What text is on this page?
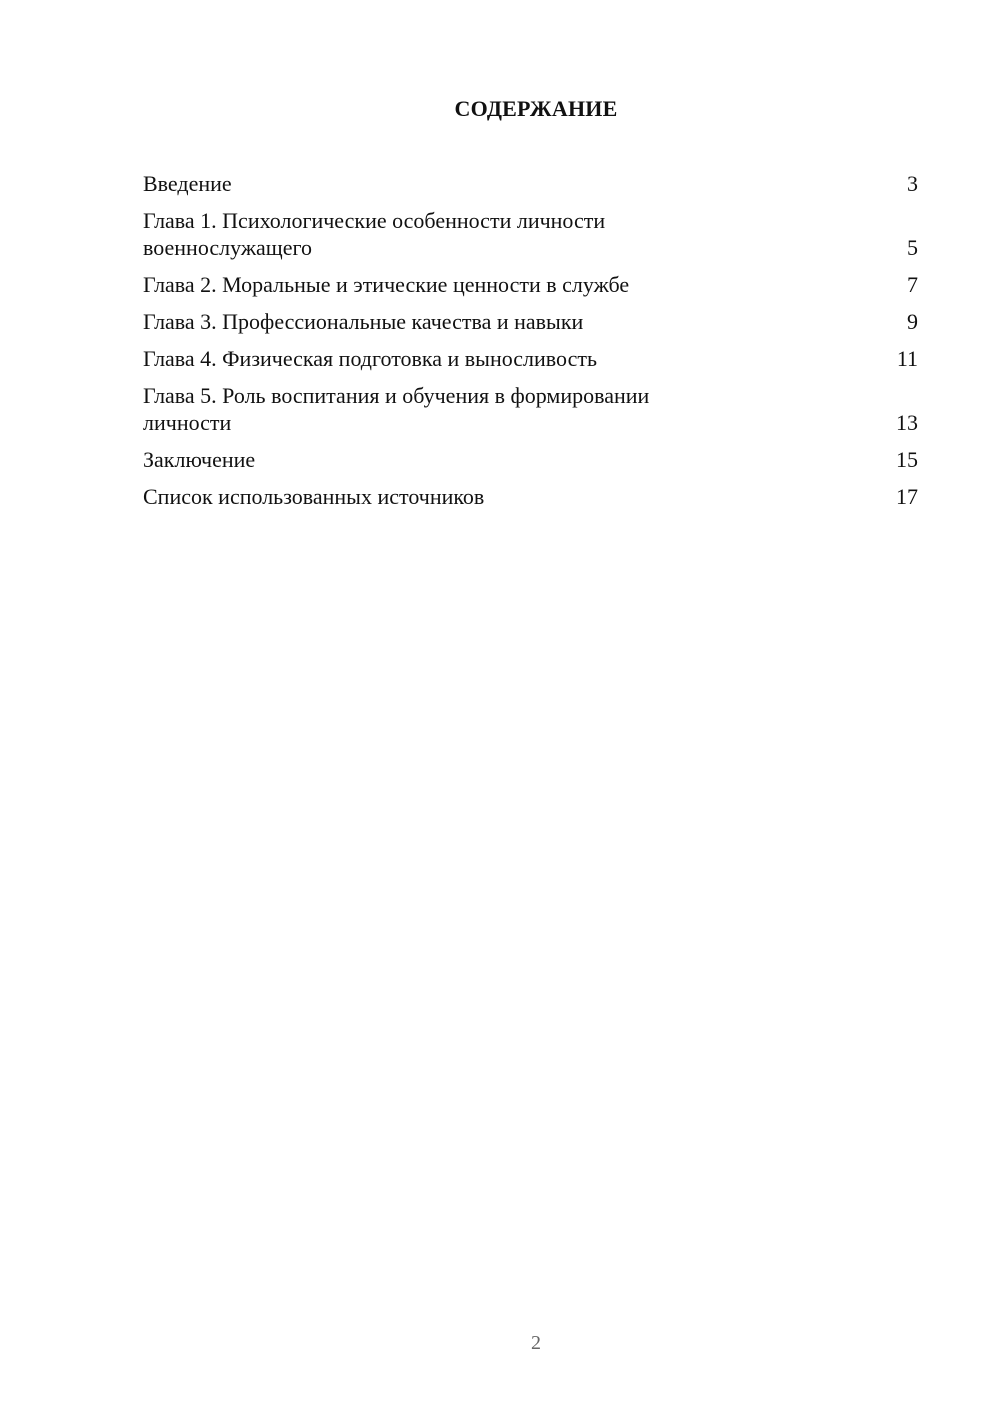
СОДЕРЖАНИЕ
Введение	3
Глава 1. Психологические особенности личности военнослужащего	5
Глава 2. Моральные и этические ценности в службе	7
Глава 3. Профессиональные качества и навыки	9
Глава 4. Физическая подготовка и выносливость	11
Глава 5. Роль воспитания и обучения в формировании личности	13
Заключение	15
Список использованных источников	17
2
